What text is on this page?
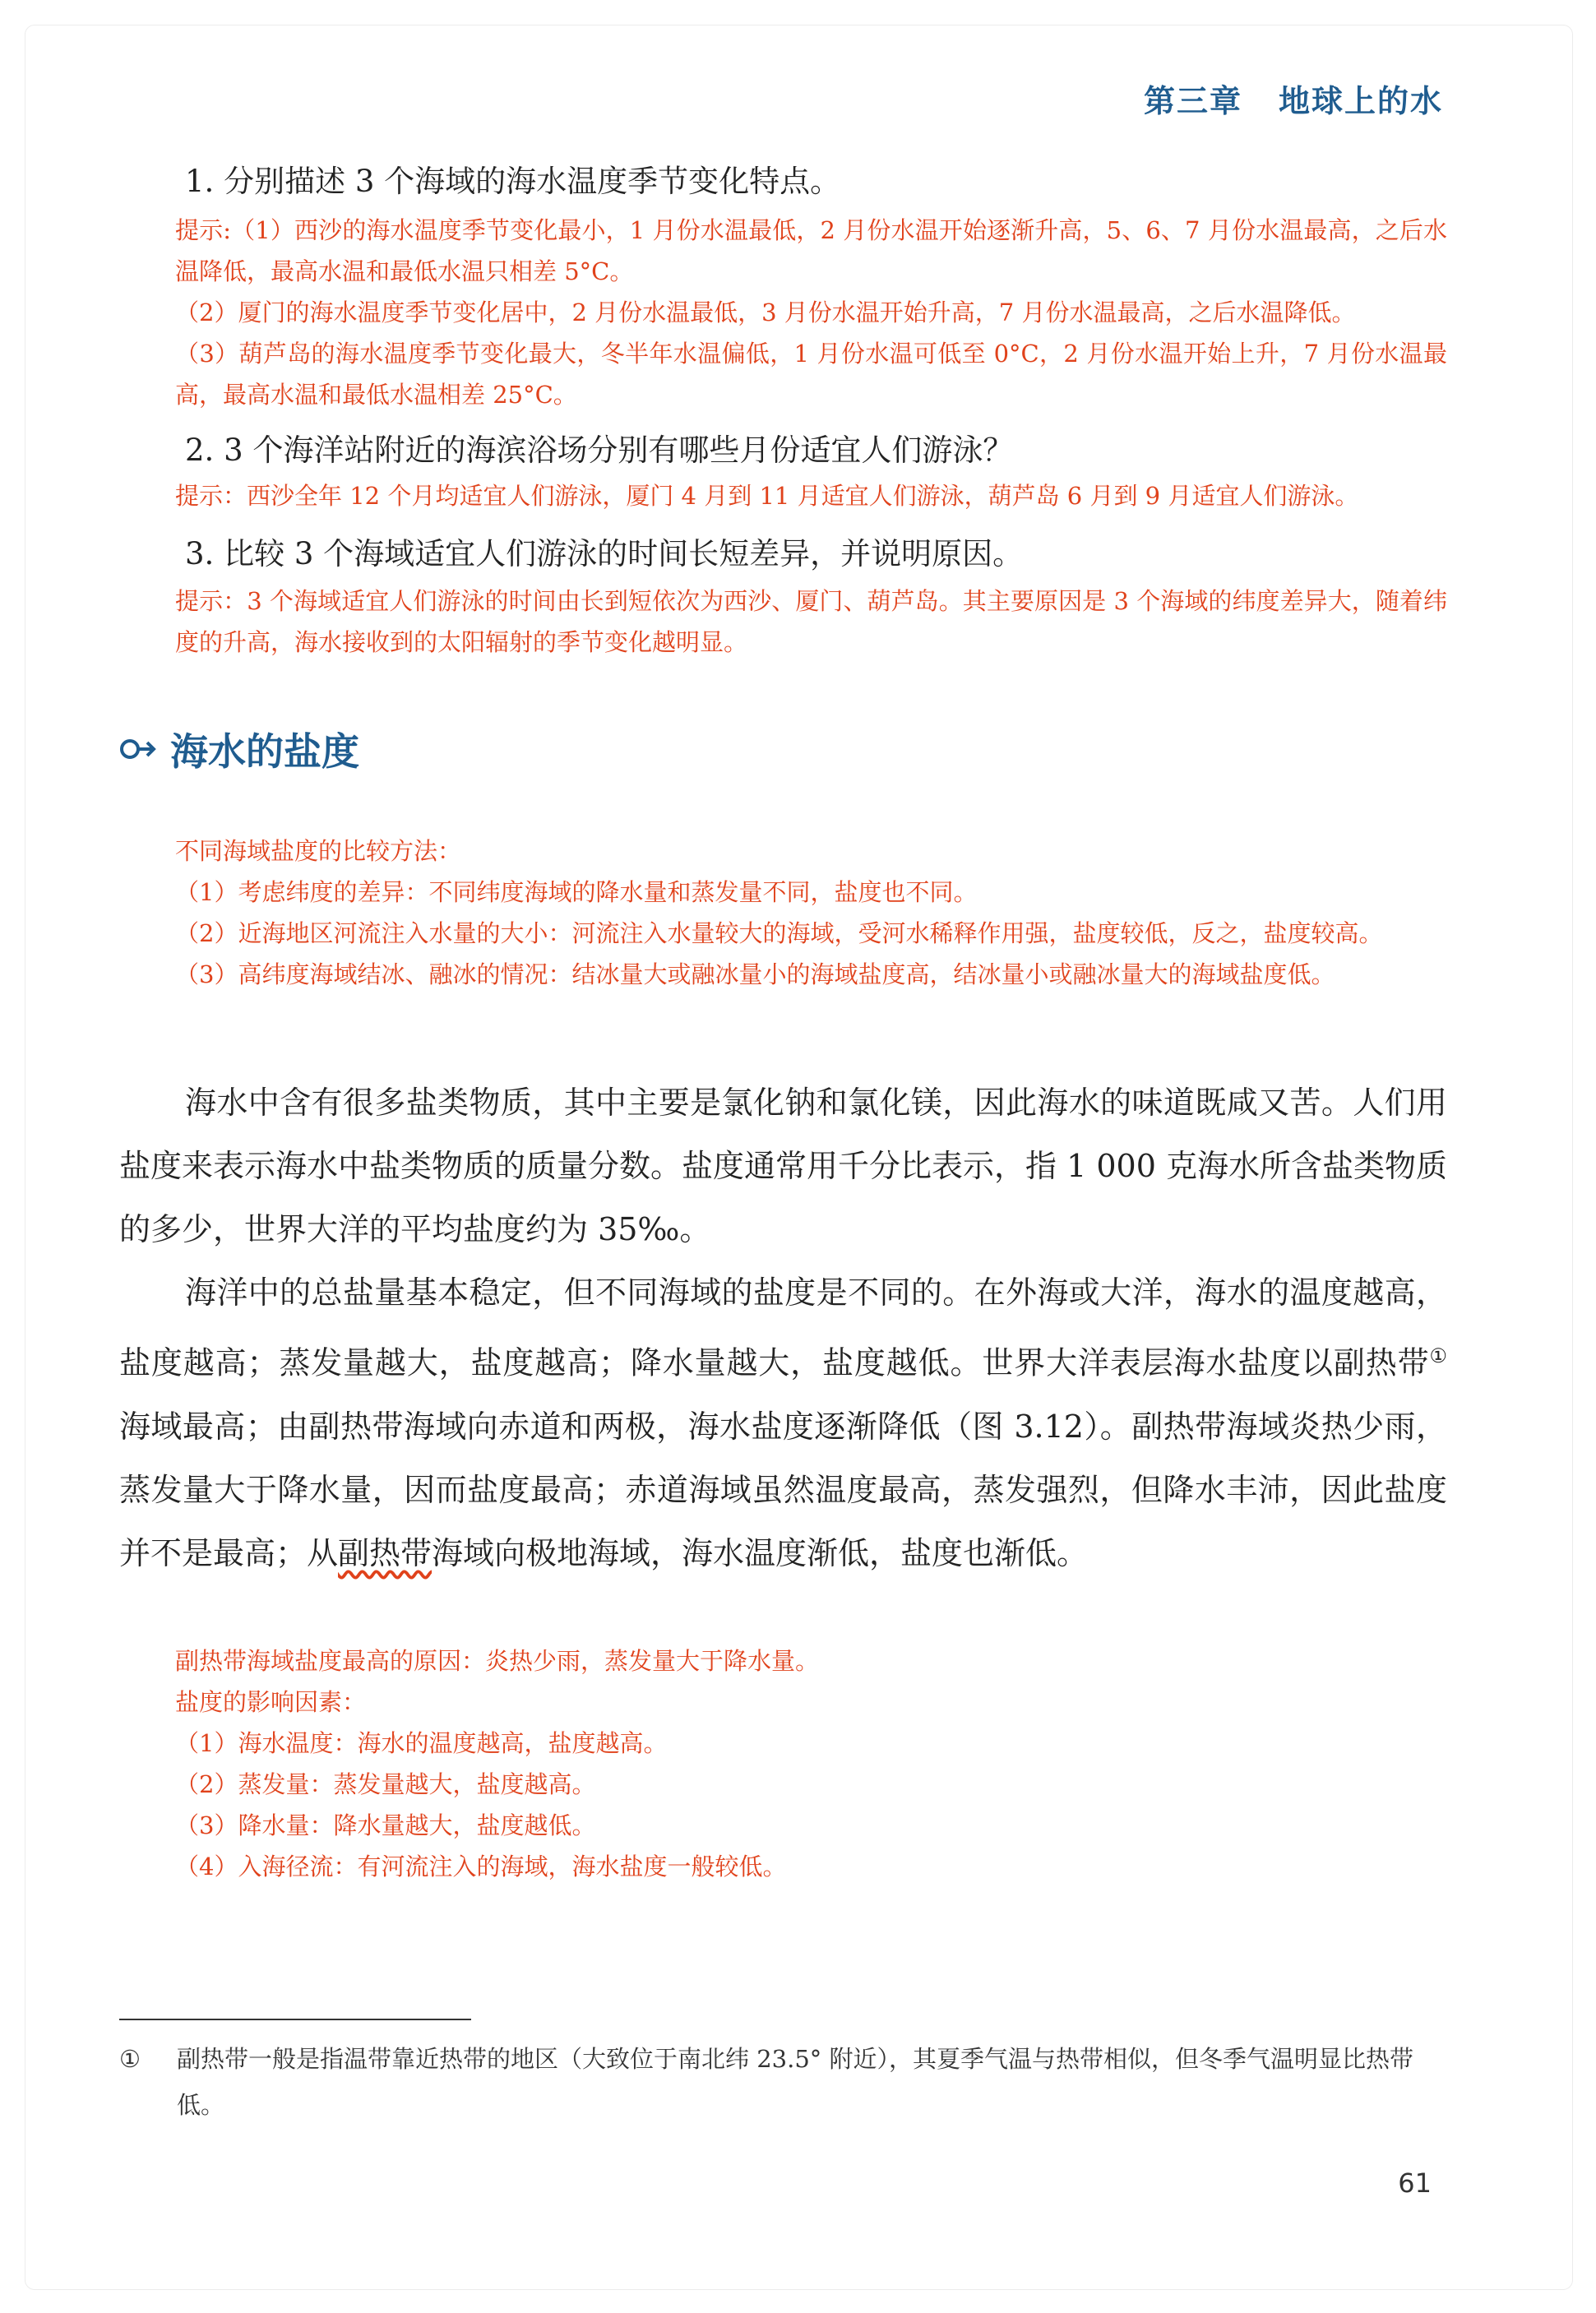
第三章 地球上的水
1. 分别描述 3 个海域的海水温度季节变化特点。
提示:（1）西沙的海水温度季节变化最小，1 月份水温最低，2 月份水温开始逐渐升高，5、6、7 月份水温最高，之后水温降低，最高水温和最低水温只相差 5°C。
（2）厦门的海水温度季节变化居中，2 月份水温最低，3 月份水温开始升高，7 月份水温最高，之后水温降低。
（3）葫芦岛的海水温度季节变化最大，冬半年水温偏低，1 月份水温可低至 0°C，2 月份水温开始上升，7 月份水温最高，最高水温和最低水温相差 25°C。
2. 3 个海洋站附近的海滨浴场分别有哪些月份适宜人们游泳？
提示：西沙全年 12 个月均适宜人们游泳，厦门 4 月到 11 月适宜人们游泳，葫芦岛 6 月到 9 月适宜人们游泳。
3. 比较 3 个海域适宜人们游泳的时间长短差异，并说明原因。
提示：3 个海域适宜人们游泳的时间由长到短依次为西沙、厦门、葫芦岛。其主要原因是 3 个海域的纬度差异大，随着纬度的升高，海水接收到的太阳辐射的季节变化越明显。
海水的盐度
不同海域盐度的比较方法：
（1）考虑纬度的差异：不同纬度海域的降水量和蒸发量不同，盐度也不同。
（2）近海地区河流注入水量的大小：河流注入水量较大的海域，受河水稀释作用强，盐度较低，反之，盐度较高。
（3）高纬度海域结冰、融冰的情况：结冰量大或融冰量小的海域盐度高，结冰量小或融冰量大的海域盐度低。

海水中含有很多盐类物质，其中主要是氯化钠和氯化镁，因此海水的味道既咸又苦。人们用盐度来表示海水中盐类物质的质量分数。盐度通常用千分比表示，指 1 000 克海水所含盐类物质的多少，世界大洋的平均盐度约为 35‰。

海洋中的总盐量基本稳定，但不同海域的盐度是不同的。在外海或大洋，海水的温度越高，盐度越高；蒸发量越大，盐度越高；降水量越大，盐度越低。世界大洋表层海水盐度以副热带①海域最高；由副热带海域向赤道和两极，海水盐度逐渐降低（图 3.12）。副热带海域炎热少雨，蒸发量大于降水量，因而盐度最高；赤道海域虽然温度最高，蒸发强烈，但降水丰沛，因此盐度并不是最高；从副热带海域向极地海域，海水温度渐低，盐度也渐低。

副热带海域盐度最高的原因：炎热少雨，蒸发量大于降水量。
盐度的影响因素：
（1）海水温度：海水的温度越高，盐度越高。
（2）蒸发量：蒸发量越大，盐度越高。
（3）降水量：降水量越大，盐度越低。
（4）入海径流：有河流注入的海域，海水盐度一般较低。
①	副热带一般是指温带靠近热带的地区（大致位于南北纬 23.5° 附近），其夏季气温与热带相似，但冬季气温明显比热带低。
61
